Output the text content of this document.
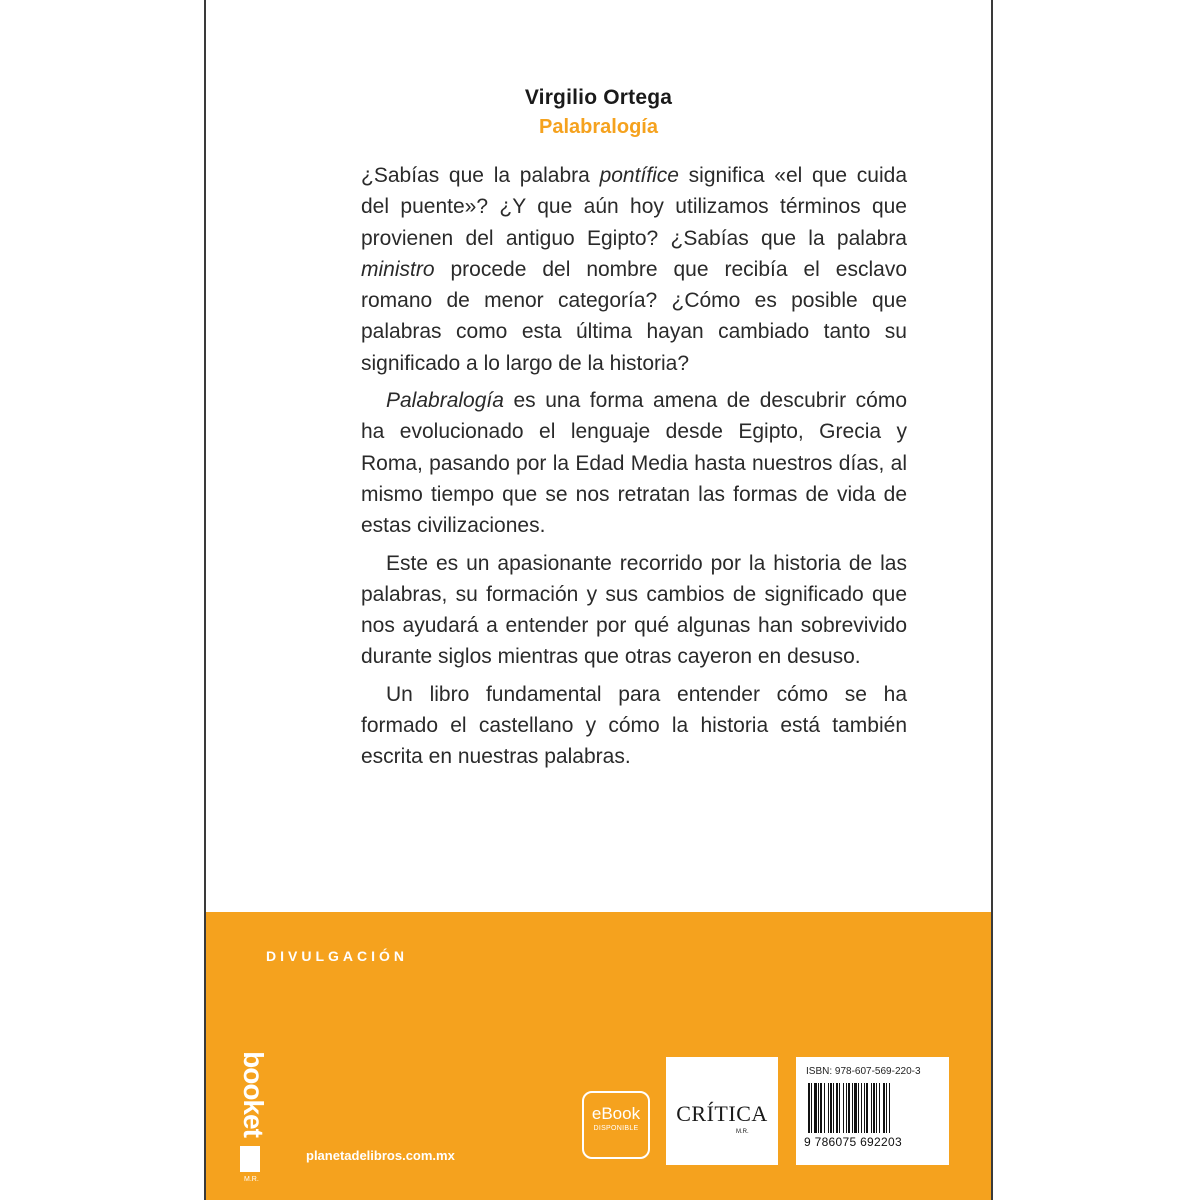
Virgilio Ortega
Palabralogía

¿Sabías que la palabra pontífice significa «el que cuida del puente»? ¿Y que aún hoy utilizamos términos que provienen del antiguo Egipto? ¿Sabías que la palabra ministro procede del nombre que recibía el esclavo romano de menor categoría? ¿Cómo es posible que palabras como esta última hayan cambiado tanto su significado a lo largo de la historia?

Palabralogía es una forma amena de descubrir cómo ha evolucionado el lenguaje desde Egipto, Grecia y Roma, pasando por la Edad Media hasta nuestros días, al mismo tiempo que se nos retratan las formas de vida de estas civilizaciones.

Este es un apasionante recorrido por la historia de las palabras, su formación y sus cambios de significado que nos ayudará a entender por qué algunas han sobrevivido durante siglos mientras que otras cayeron en desuso.

Un libro fundamental para entender cómo se ha formado el castellano y cómo la historia está también escrita en nuestras palabras.

DIVULGACIÓN
booket
M.R.
planetadelibros.com.mx
eBook
DISPONIBLE
CRÍTICA
M.R.
ISBN: 978-607-569-220-3
9 786075 692203
